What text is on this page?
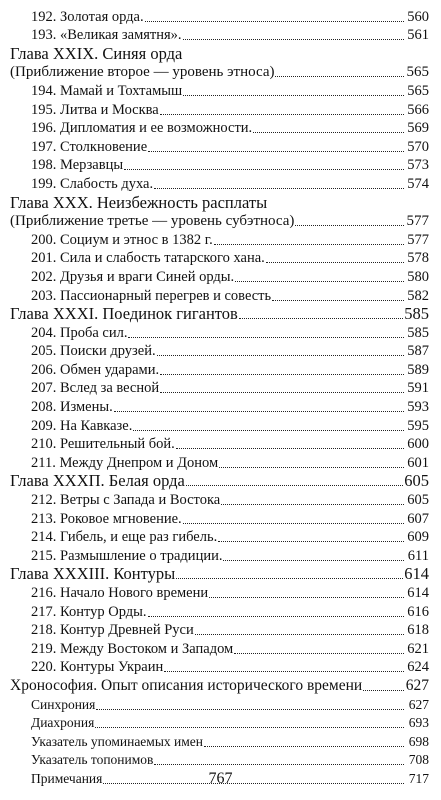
192. Золотая орда.	560
193. «Великая замятня».	561
Глава XXIX. Синяя орда
(Приближение второе — уровень этноса)	565
194. Мамай и Тохтамыш	565
195. Литва и Москва	566
196. Дипломатия и ее возможности.	569
197. Столкновение	570
198. Мерзавцы	573
199. Слабость духа.	574
Глава XXX. Неизбежность расплаты
(Приближение третье — уровень субэтноса)	577
200. Социум и этнос в 1382 г.	577
201. Сила и слабость татарского хана.	578
202. Друзья и враги Синей орды.	580
203. Пассионарный перегрев и совесть	582
Глава XXXI. Поединок гигантов	585
204. Проба сил.	585
205. Поиски друзей.	587
206. Обмен ударами.	589
207. Вслед за весной	591
208. Измены.	593
209. На Кавказе.	595
210. Решительный бой.	600
211. Между Днепром и Доном	601
Глава XXXП. Белая орда	605
212. Ветры с Запада и Востока	605
213. Роковое мгновение.	607
214. Гибель, и еще раз гибель.	609
215. Размышление о традиции.	611
Глава XXXIII. Контуры	614
216. Начало Нового времени	614
217. Контур Орды.	616
218. Контур Древней Руси	618
219. Между Востоком и Западом	621
220. Контуры Украин	624
Хронософия. Опыт описания исторического времени	627
Синхрония	627
Диахрония	693
Указатель упоминаемых имен	698
Указатель топонимов	708
Примечания	717
767
